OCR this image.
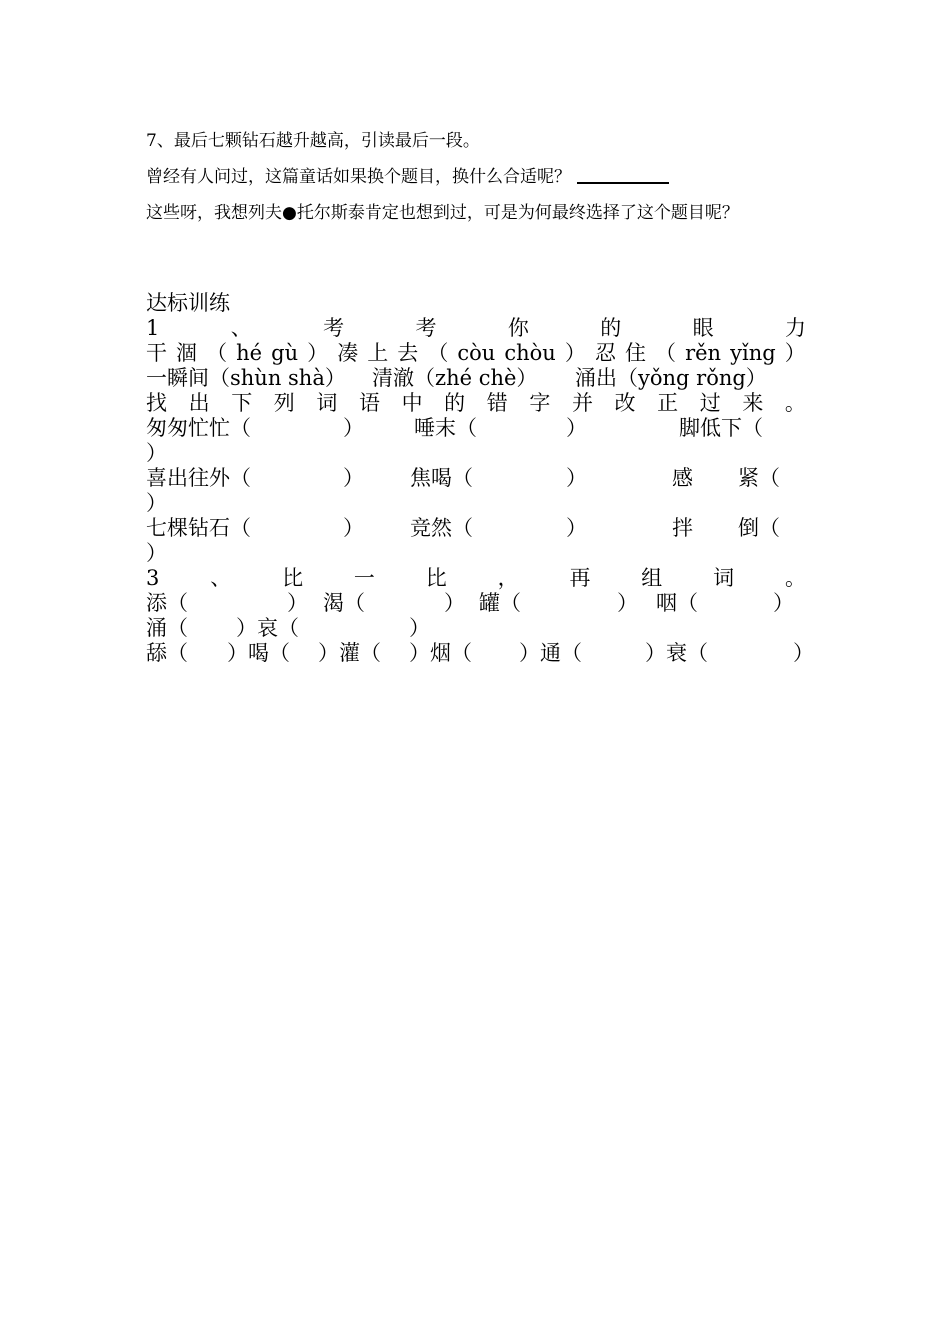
7、最后七颗钻石越升越高，引读最后一段。
曾经有人问过，这篇童话如果换个题目，换什么合适呢？
这些呀，我想列夫●托尔斯泰肯定也想到过，可是为何最终选择了这个题目呢？
达标训练
1	、	考	考	你	的	眼	力
干 涸 （ hé gù ） 凑 上 去 （ còu chòu ） 忍 住 （ rěn yǐng ）
一瞬间（shùn shà） 清澈（zhé chè） 涌出（yǒng rǒng）
找 出 下 列 词 语 中 的 错 字 并 改 正 过 来 。
匆匆忙忙（	） 唾末（	）	脚低下（
）
喜出往外（	） 焦喝（	）	感 紧（
）
七棵钻石（	） 竞然（	）	拌 倒（
）
3 、 比 一 比 ， 再 组 词 。
添（	） 渴（	） 罐（	） 咽（	）
涌（ ）哀（	）
舔（ ）喝（ ）灌（ ）烟（ ）通（	）衰（	）
